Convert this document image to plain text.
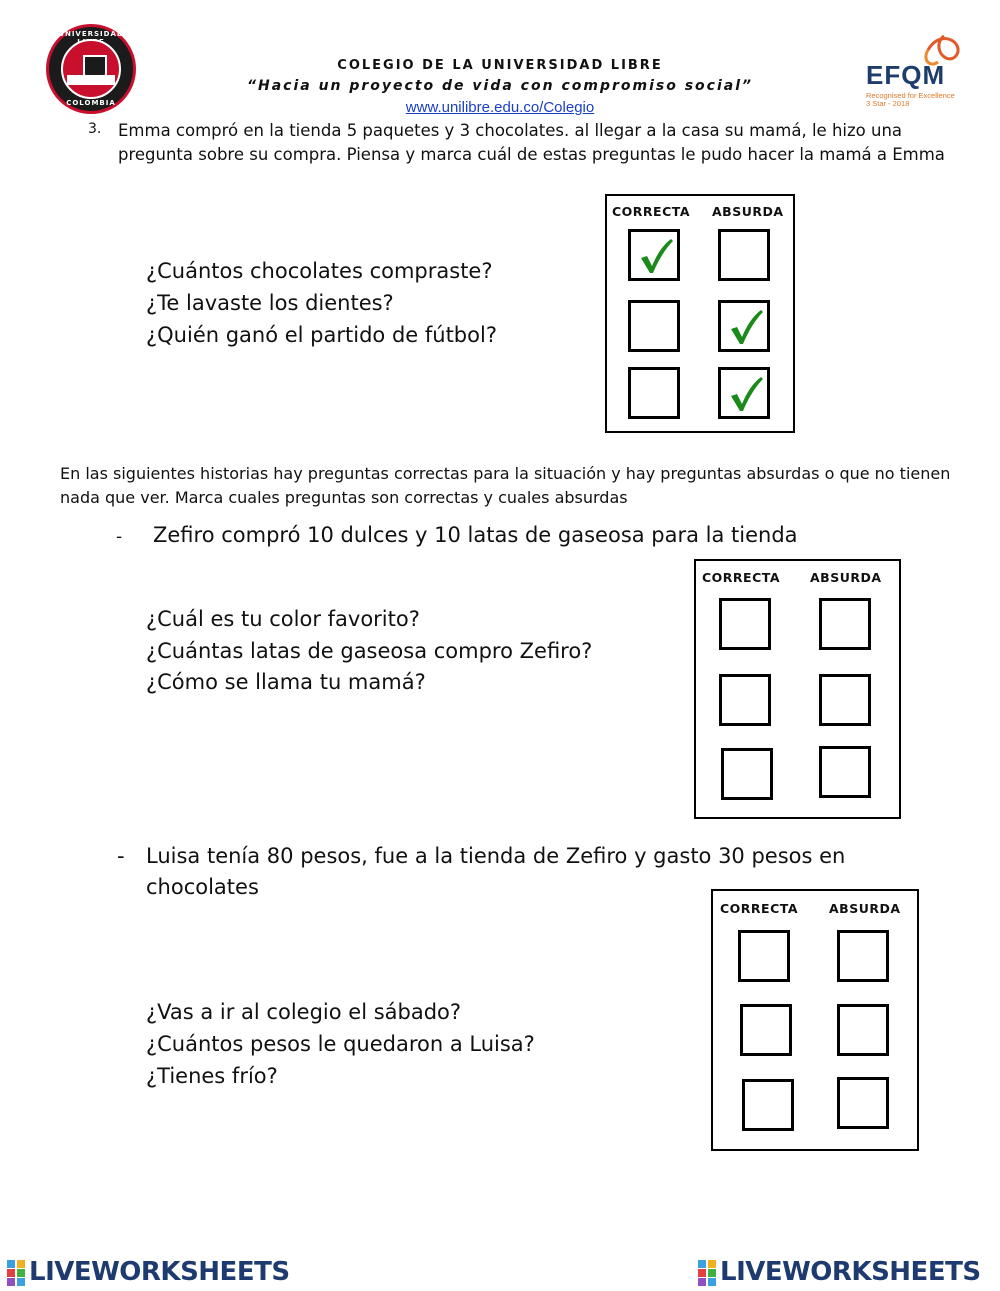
UNIVERSIDAD
COLOMBIA
COLEGIO DE LA UNIVERSIDAD LIBRE
“Hacia un proyecto de vida con compromiso social”
www.unilibre.edu.co/Colegio
EFQM
Recognised for Excellence
3 Star - 2018
3. Emma compró en la tienda 5 paquetes y 3 chocolates. al llegar a la casa su mamá, le hizo una pregunta sobre su compra. Piensa y marca cuál de estas preguntas le pudo hacer la mamá a Emma
¿Cuántos chocolates compraste?
¿Te lavaste los dientes?
¿Quién ganó el partido de fútbol?
CORRECTA ABSURDA
En las siguientes historias hay preguntas correctas para la situación y hay preguntas absurdas o que no tienen nada que ver. Marca cuales preguntas son correctas y cuales absurdas
- Zefiro compró 10 dulces y 10 latas de gaseosa para la tienda
¿Cuál es tu color favorito?
¿Cuántas latas de gaseosa compro Zefiro?
¿Cómo se llama tu mamá?
CORRECTA ABSURDA
- Luisa tenía 80 pesos, fue a la tienda de Zefiro y gasto 30 pesos en
chocolates
¿Vas a ir al colegio el sábado?
¿Cuántos pesos le quedaron a Luisa?
¿Tienes frío?
CORRECTA ABSURDA
LIVEWORKSHEETS	LIVEWORKSHEETS
